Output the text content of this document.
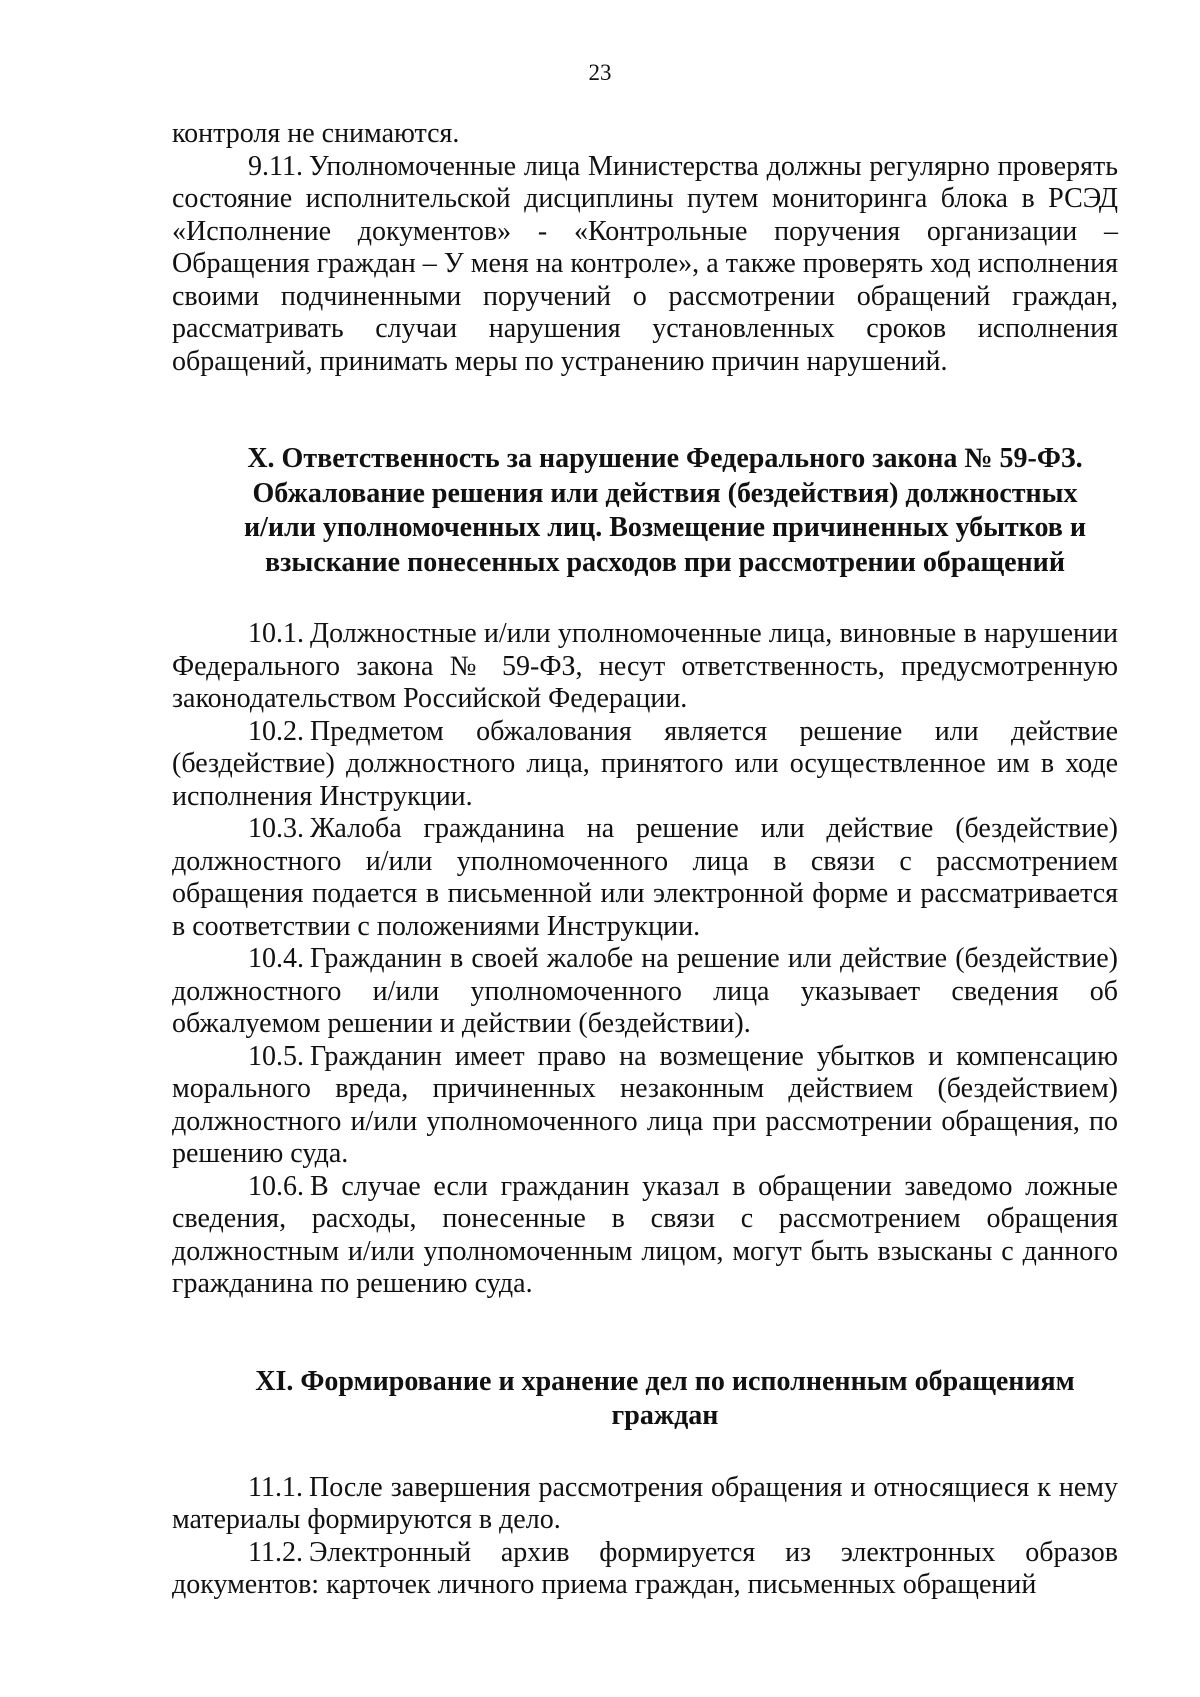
23

контроля не снимаются.

9.11. Уполномоченные лица Министерства должны регулярно проверять состояние исполнительской дисциплины путем мониторинга блока в РСЭД «Исполнение документов» - «Контрольные поручения организации – Обращения граждан – У меня на контроле», а также проверять ход исполнения своими подчиненными поручений о рассмотрении обращений граждан, рассматривать случаи нарушения установленных сроков исполнения обращений, принимать меры по устранению причин нарушений.

X. Ответственность за нарушение Федерального закона № 59-ФЗ.
Обжалование решения или действия (бездействия) должностных
и/или уполномоченных лиц. Возмещение причиненных убытков и
взыскание понесенных расходов при рассмотрении обращений

10.1. Должностные и/или уполномоченные лица, виновные в нарушении Федерального закона № 59-ФЗ, несут ответственность, предусмотренную законодательством Российской Федерации.

10.2. Предметом обжалования является решение или действие (бездействие) должностного лица, принятого или осуществленное им в ходе исполнения Инструкции.

10.3. Жалоба гражданина на решение или действие (бездействие) должностного и/или уполномоченного лица в связи с рассмотрением обращения подается в письменной или электронной форме и рассматривается в соответствии с положениями Инструкции.

10.4. Гражданин в своей жалобе на решение или действие (бездействие) должностного и/или уполномоченного лица указывает сведения об обжалуемом решении и действии (бездействии).

10.5. Гражданин имеет право на возмещение убытков и компенсацию морального вреда, причиненных незаконным действием (бездействием) должностного и/или уполномоченного лица при рассмотрении обращения, по решению суда.

10.6. В случае если гражданин указал в обращении заведомо ложные сведения, расходы, понесенные в связи с рассмотрением обращения должностным и/или уполномоченным лицом, могут быть взысканы с данного гражданина по решению суда.

XI. Формирование и хранение дел по исполненным обращениям
граждан

11.1. После завершения рассмотрения обращения и относящиеся к нему материалы формируются в дело.

11.2. Электронный архив формируется из электронных образов документов: карточек личного приема граждан, письменных обращений
